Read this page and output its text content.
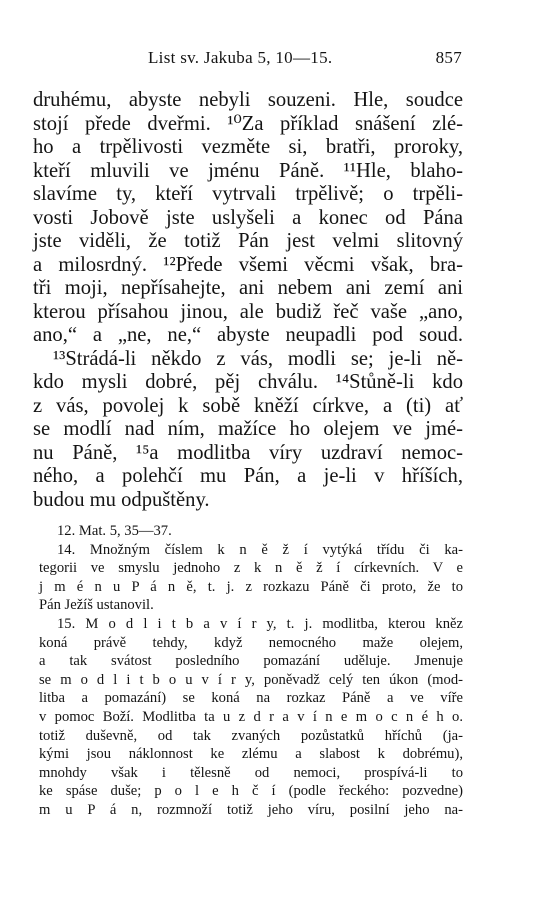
List sv. Jakuba 5, 10—15.	857
druhému, abyste nebyli souzeni. Hle, soudce
stojí přede dveřmi. ¹⁰Za příklad snášení zlé-
ho a trpělivosti vezměte si, bratři, proroky,
kteří mluvili ve jménu Páně. ¹¹Hle, blaho-
slavíme ty, kteří vytrvali trpělivě; o trpěli-
vosti Jobově jste uslyšeli a konec od Pána
jste viděli, že totiž Pán jest velmi slitovný
a milosrdný. ¹²Přede všemi věcmi však, bra-
tři moji, nepřísahejte, ani nebem ani zemí ani
kterou přísahou jinou, ale budiž řeč vaše „ano,
ano,“ a „ne, ne,“ abyste neupadli pod soud.
¹³Strádá-li někdo z vás, modli se; je-li ně-
kdo mysli dobré, pěj chválu. ¹⁴Stůně-li kdo
z vás, povolej k sobě kněží církve, a (ti) ať
se modlí nad ním, mažíce ho olejem ve jmé-
nu Páně, ¹⁵a modlitba víry uzdraví nemoc-
ného, a polehčí mu Pán, a je-li v hříších,
budou mu odpuštěny.
12. Mat. 5, 35—37.
14. Množným číslem k n ě ž í vytýká třídu či ka-
tegorii ve smyslu jednoho z k n ě ž í církevních. V e
j m é n u P á n ě, t. j. z rozkazu Páně či proto, že to
Pán Ježíš ustanovil.
15. M o d l i t b a v í r y, t. j. modlitba, kterou kněz
koná právě tehdy, když nemocného maže olejem,
a tak svátost posledního pomazání uděluje. Jmenuje
se m o d l i t b o u v í r y, poněvadž celý ten úkon (mod-
litba a pomazání) se koná na rozkaz Páně a ve víře
v pomoc Boží. Modlitba ta u z d r a v í n e m o c n é h o.
totiž duševně, od tak zvaných pozůstatků hříchů (ja-
kými jsou náklonnost ke zlému a slabost k dobrému),
mnohdy však i tělesně od nemoci, prospívá-li to
ke spáse duše; p o l e h č í (podle řeckého: pozvedne)
m u P á n, rozmnoží totiž jeho víru, posilní jeho na-
